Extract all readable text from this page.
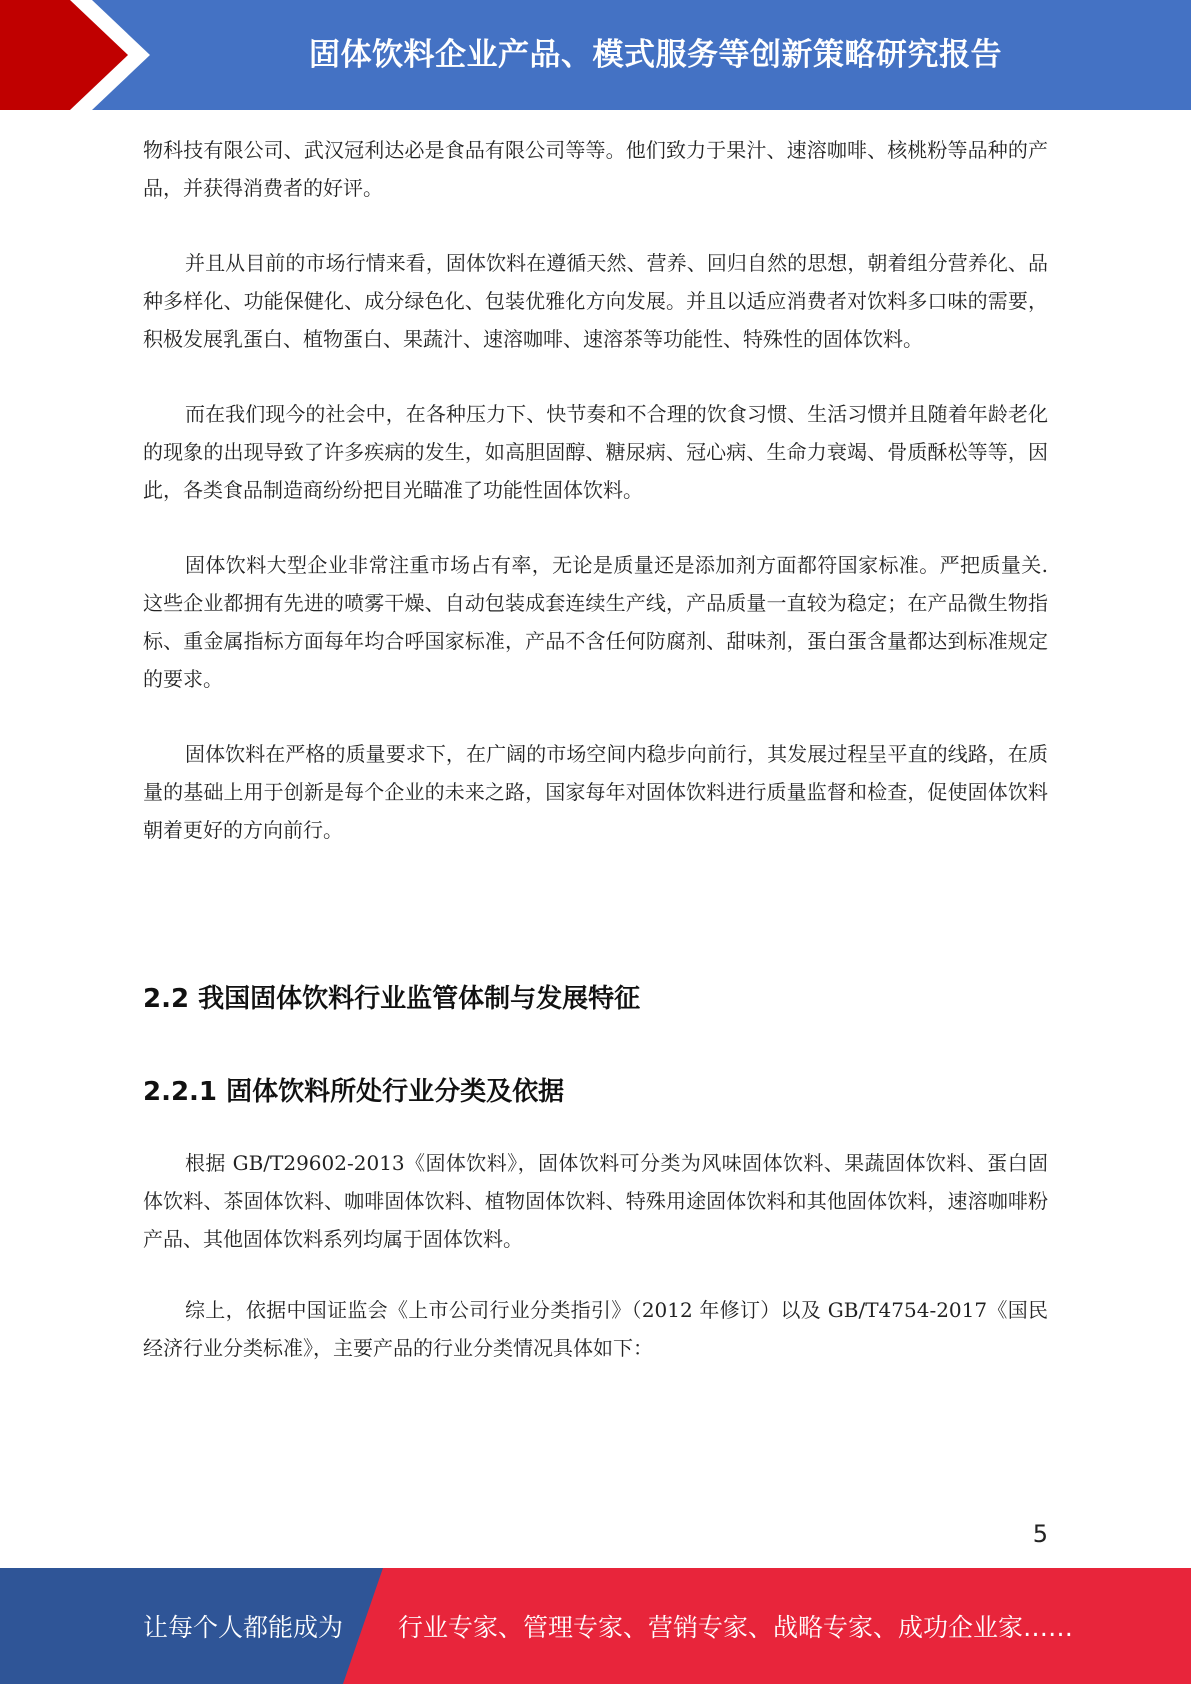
固体饮料企业产品、模式服务等创新策略研究报告

物科技有限公司、武汉冠利达必是食品有限公司等等。他们致力于果汁、速溶咖啡、核桃粉等品种的产品，并获得消费者的好评。

并且从目前的市场行情来看，固体饮料在遵循天然、营养、回归自然的思想，朝着组分营养化、品种多样化、功能保健化、成分绿色化、包装优雅化方向发展。并且以适应消费者对饮料多口味的需要，积极发展乳蛋白、植物蛋白、果蔬汁、速溶咖啡、速溶茶等功能性、特殊性的固体饮料。

而在我们现今的社会中，在各种压力下、快节奏和不合理的饮食习惯、生活习惯并且随着年龄老化的现象的出现导致了许多疾病的发生，如高胆固醇、糖尿病、冠心病、生命力衰竭、骨质酥松等等，因此，各类食品制造商纷纷把目光瞄准了功能性固体饮料。

固体饮料大型企业非常注重市场占有率，无论是质量还是添加剂方面都符国家标准。严把质量关.这些企业都拥有先进的喷雾干燥、自动包装成套连续生产线，产品质量一直较为稳定；在产品微生物指标、重金属指标方面每年均合呼国家标准，产品不含任何防腐剂、甜味剂，蛋白蛋含量都达到标准规定的要求。

固体饮料在严格的质量要求下，在广阔的市场空间内稳步向前行，其发展过程呈平直的线路，在质量的基础上用于创新是每个企业的未来之路，国家每年对固体饮料进行质量监督和检查，促使固体饮料朝着更好的方向前行。

2.2 我国固体饮料行业监管体制与发展特征
2.2.1 固体饮料所处行业分类及依据

根据 GB/T29602-2013《固体饮料》，固体饮料可分类为风味固体饮料、果蔬固体饮料、蛋白固体饮料、茶固体饮料、咖啡固体饮料、植物固体饮料、特殊用途固体饮料和其他固体饮料，速溶咖啡粉产品、其他固体饮料系列均属于固体饮料。

综上，依据中国证监会《上市公司行业分类指引》（2012 年修订）以及 GB/T4754-2017《国民经济行业分类标准》，主要产品的行业分类情况具体如下：

5
让每个人都能成为 行业专家、管理专家、营销专家、战略专家、成功企业家……
